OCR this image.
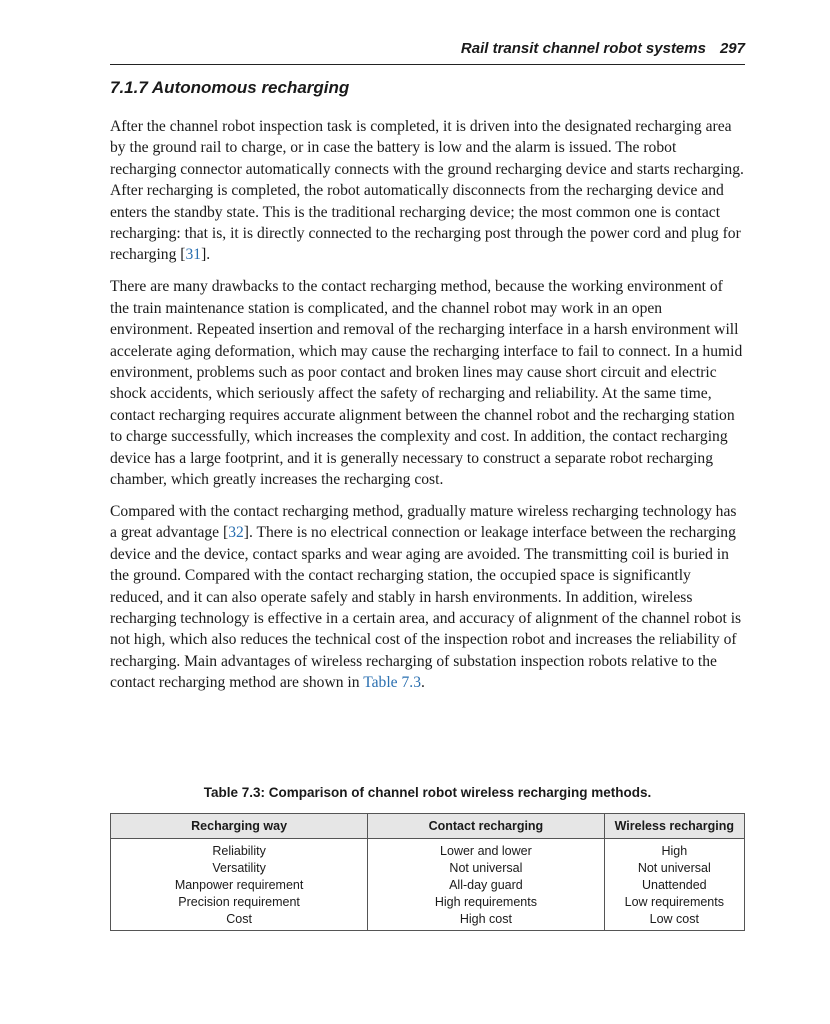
Rail transit channel robot systems 297
7.1.7 Autonomous recharging

After the channel robot inspection task is completed, it is driven into the designated recharging area by the ground rail to charge, or in case the battery is low and the alarm is issued. The robot recharging connector automatically connects with the ground recharging device and starts recharging. After recharging is completed, the robot automatically disconnects from the recharging device and enters the standby state. This is the traditional recharging device; the most common one is contact recharging: that is, it is directly connected to the recharging post through the power cord and plug for recharging [31].

There are many drawbacks to the contact recharging method, because the working environment of the train maintenance station is complicated, and the channel robot may work in an open environment. Repeated insertion and removal of the recharging interface in a harsh environment will accelerate aging deformation, which may cause the recharging interface to fail to connect. In a humid environment, problems such as poor contact and broken lines may cause short circuit and electric shock accidents, which seriously affect the safety of recharging and reliability. At the same time, contact recharging requires accurate alignment between the channel robot and the recharging station to charge successfully, which increases the complexity and cost. In addition, the contact recharging device has a large footprint, and it is generally necessary to construct a separate robot recharging chamber, which greatly increases the recharging cost.

Compared with the contact recharging method, gradually mature wireless recharging technology has a great advantage [32]. There is no electrical connection or leakage interface between the recharging device and the device, contact sparks and wear aging are avoided. The transmitting coil is buried in the ground. Compared with the contact recharging station, the occupied space is significantly reduced, and it can also operate safely and stably in harsh environments. In addition, wireless recharging technology is effective in a certain area, and accuracy of alignment of the channel robot is not high, which also reduces the technical cost of the inspection robot and increases the reliability of recharging. Main advantages of wireless recharging of substation inspection robots relative to the contact recharging method are shown in Table 7.3.

Table 7.3: Comparison of channel robot wireless recharging methods.
Recharging way	Contact recharging	Wireless recharging
Reliability	Lower and lower	High
Versatility	Not universal	Not universal
Manpower requirement	All-day guard	Unattended
Precision requirement	High requirements	Low requirements
Cost	High cost	Low cost
